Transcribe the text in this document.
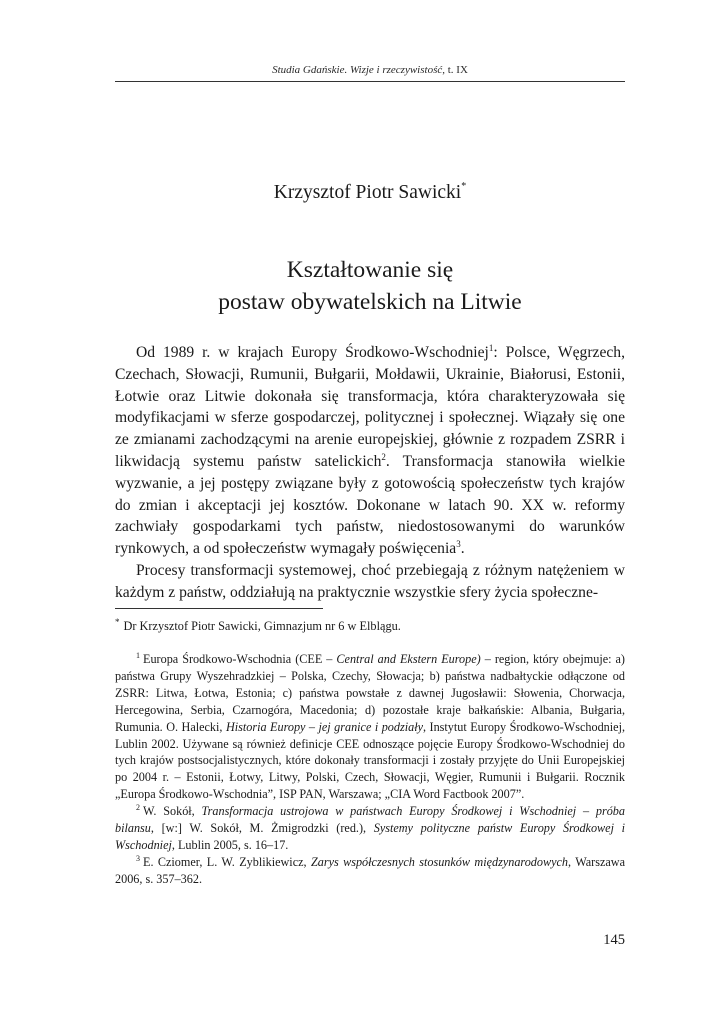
Studia Gdańskie. Wizje i rzeczywistość, t. IX
Krzysztof Piotr Sawicki*
Kształtowanie się
postaw obywatelskich na Litwie

Od 1989 r. w krajach Europy Środkowo-Wschodniej$^1$: Polsce, Węgrzech, Czechach, Słowacji, Rumunii, Bułgarii, Mołdawii, Ukrainie, Białorusi, Estonii, Łotwie oraz Litwie dokonała się transformacja, która charakteryzowała się modyfikacjami w sferze gospodarczej, politycznej i społecznej. Wiązały się one ze zmianami zachodzącymi na arenie europejskiej, głównie z rozpadem ZSRR i likwidacją systemu państw satelickich$^2$. Transformacja stanowiła wielkie wyzwanie, a jej postępy związane były z gotowością społeczeństw tych krajów do zmian i akceptacji jej kosztów. Dokonane w latach 90. XX w. reformy zachwiały gospodarkami tych państw, niedostosowanymi do warunków rynkowych, a od społeczeństw wymagały poświęcenia$^3$.

Procesy transformacji systemowej, choć przebiegają z różnym natężeniem w każdym z państw, oddziałują na praktycznie wszystkie sfery życia społeczne-

* Dr Krzysztof Piotr Sawicki, Gimnazjum nr 6 w Elblągu.

$^1$ Europa Środkowo-Wschodnia (CEE – Central and Ekstern Europe) – region, który obejmuje: a) państwa Grupy Wyszehradzkiej – Polska, Czechy, Słowacja; b) państwa nadbałtyckie odłączone od ZSRR: Litwa, Łotwa, Estonia; c) państwa powstałe z dawnej Jugosławii: Słowenia, Chorwacja, Hercegowina, Serbia, Czarnogóra, Macedonia; d) pozostałe kraje bałkańskie: Albania, Bułgaria, Rumunia. O. Halecki, Historia Europy – jej granice i podziały, Instytut Europy Środkowo-Wschodniej, Lublin 2002. Używane są również definicje CEE odnoszące pojęcie Europy Środkowo-Wschodniej do tych krajów postsocjalistycznych, które dokonały transformacji i zostały przyjęte do Unii Europejskiej po 2004 r. – Estonii, Łotwy, Litwy, Polski, Czech, Słowacji, Węgier, Rumunii i Bułgarii. Rocznik „Europa Środkowo-Wschodnia”, ISP PAN, Warszawa; „CIA Word Factbook 2007”.

$^2$ W. Sokół, Transformacja ustrojowa w państwach Europy Środkowej i Wschodniej – próba bilansu, [w:] W. Sokół, M. Żmigrodzki (red.), Systemy polityczne państw Europy Środkowej i Wschodniej, Lublin 2005, s. 16–17.

$^3$ E. Cziomer, L. W. Zyblikiewicz, Zarys współczesnych stosunków międzynarodowych, Warszawa 2006, s. 357–362.

145
